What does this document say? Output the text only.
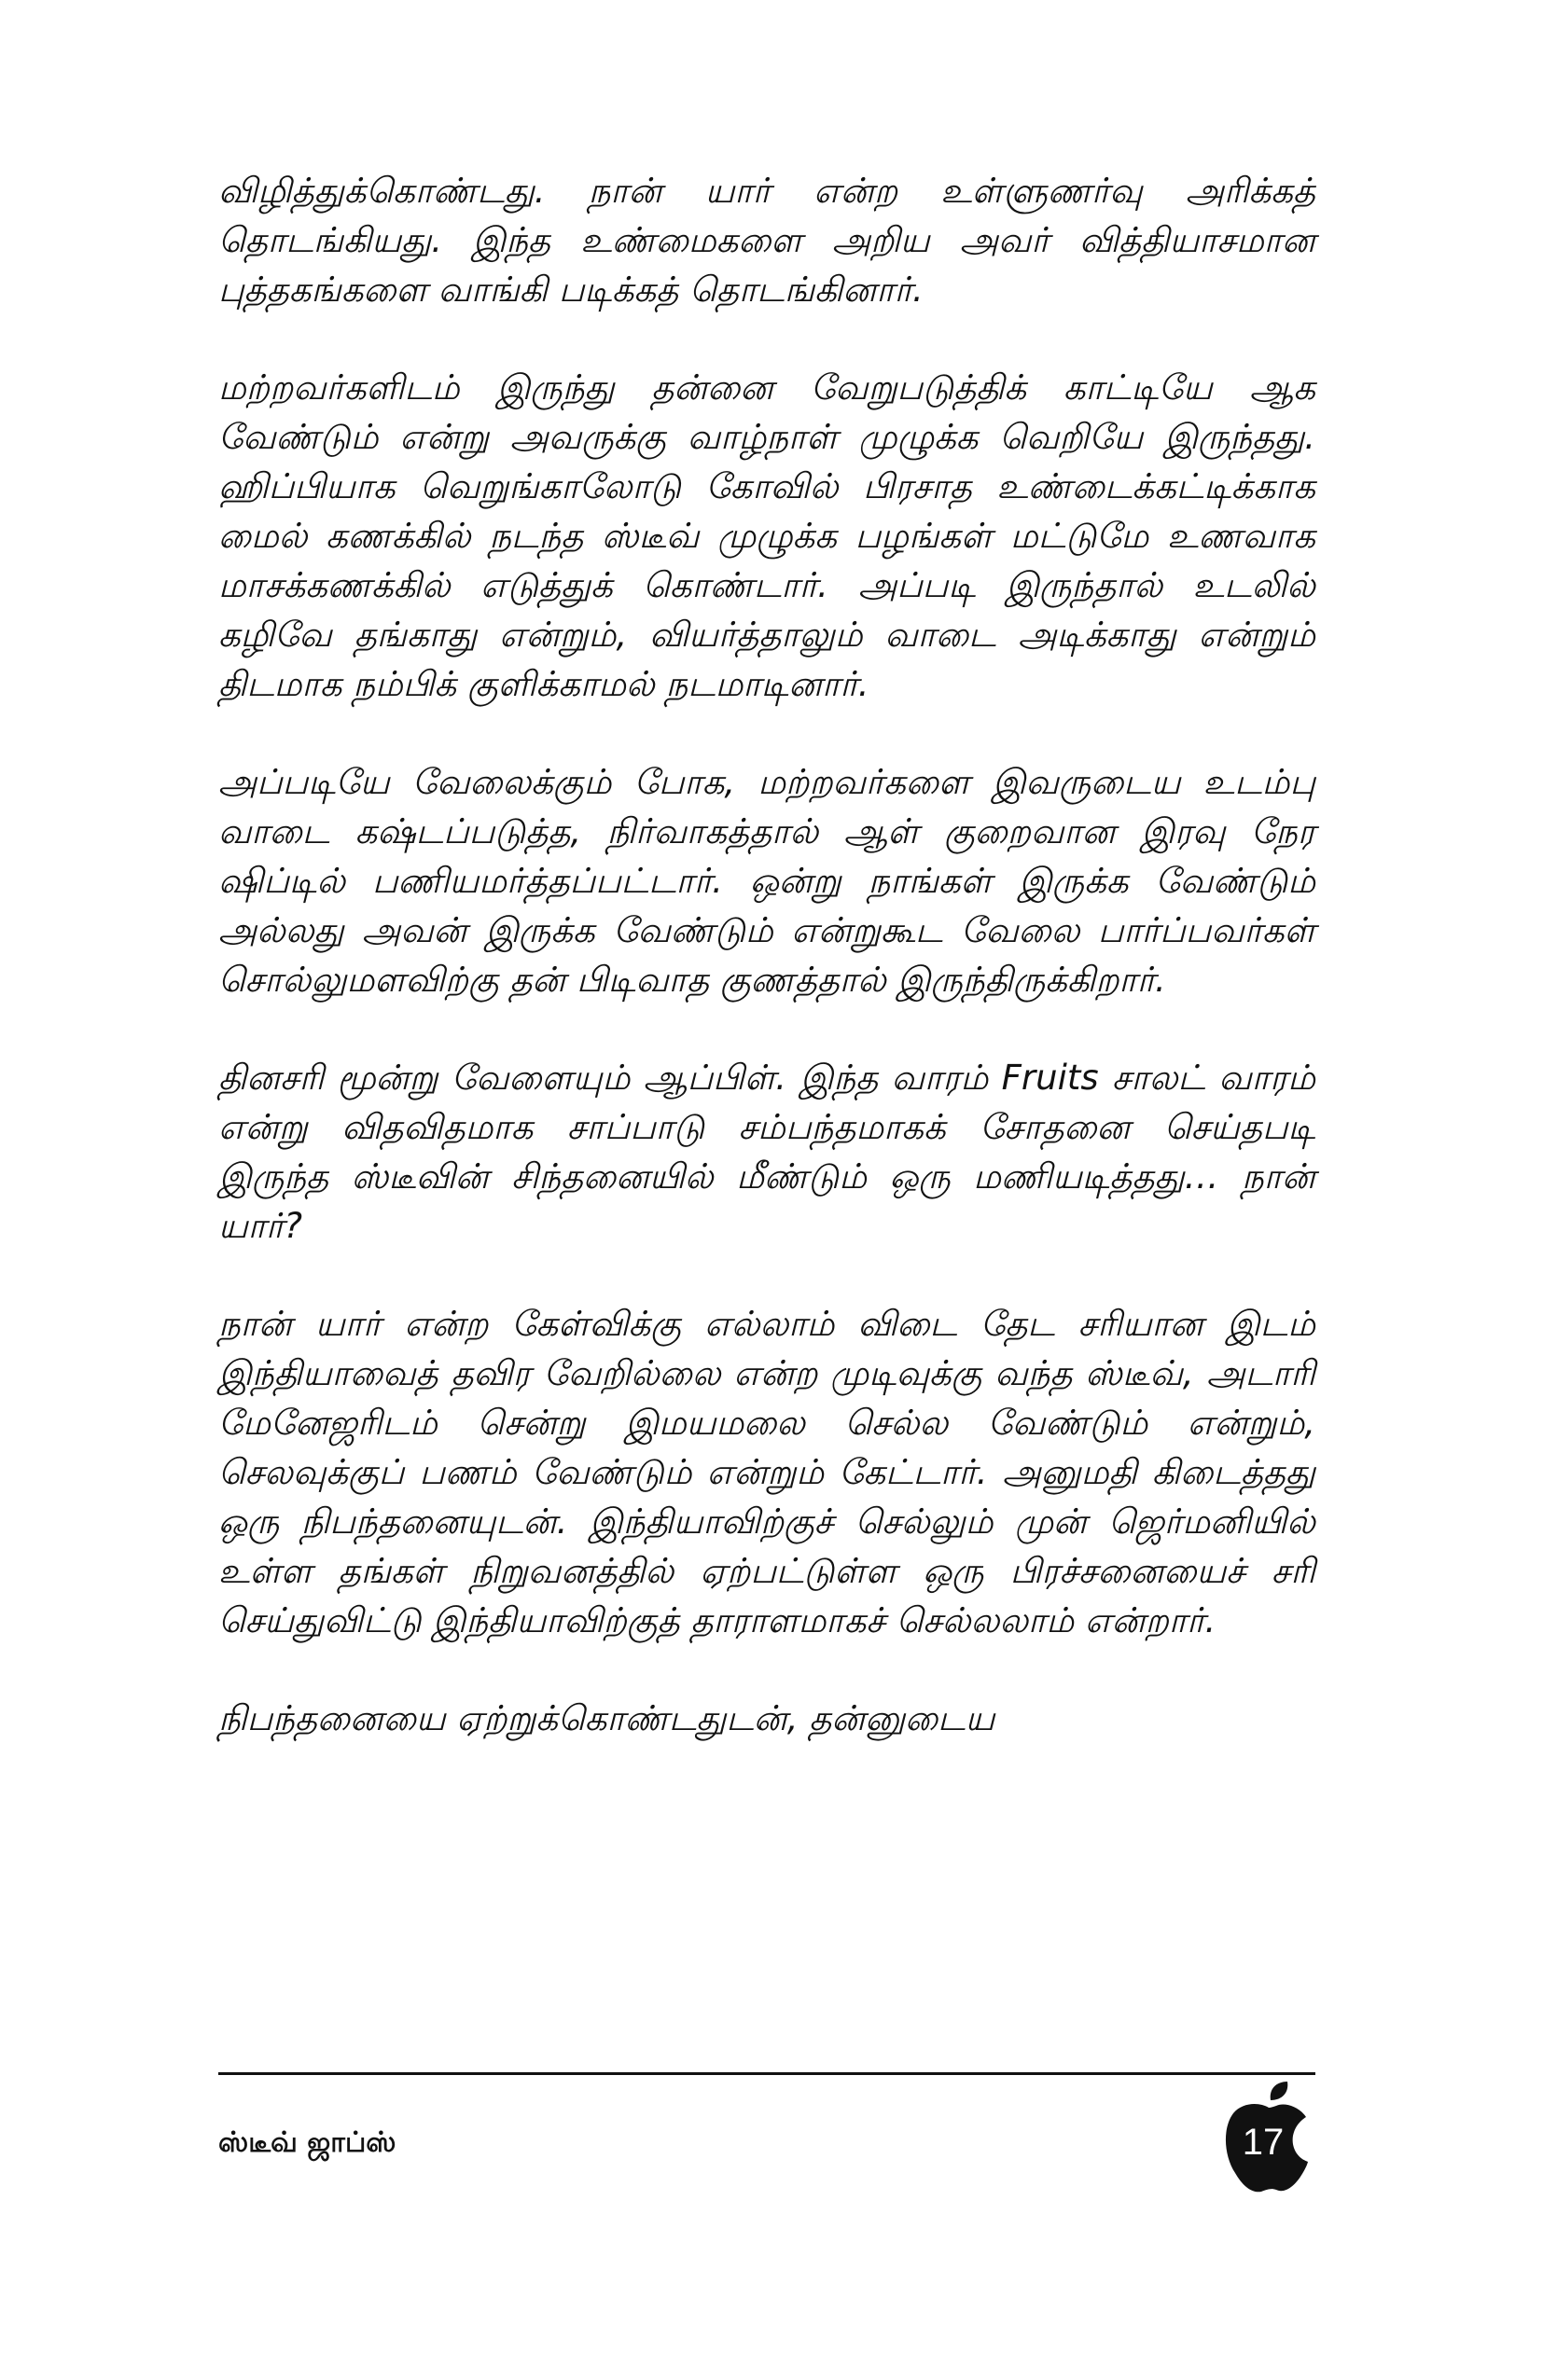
விழித்துக்கொண்டது. நான் யார் என்ற உள்ளுணர்வு அரிக்கத் தொடங்கியது. இந்த உண்மைகளை அறிய அவர் வித்தியாசமான புத்தகங்களை வாங்கி படிக்கத் தொடங்கினார்.

மற்றவர்களிடம் இருந்து தன்னை வேறுபடுத்திக் காட்டியே ஆக வேண்டும் என்று அவருக்கு வாழ்நாள் முழுக்க வெறியே இருந்தது. ஹிப்பியாக வெறுங்காலோடு கோவில் பிரசாத உண்டைக்கட்டிக்காக மைல் கணக்கில் நடந்த ஸ்டீவ் முழுக்க பழங்கள் மட்டுமே உணவாக மாசக்கணக்கில் எடுத்துக் கொண்டார். அப்படி இருந்தால் உடலில் கழிவே தங்காது என்றும், வியர்த்தாலும் வாடை அடிக்காது என்றும் திடமாக நம்பிக் குளிக்காமல் நடமாடினார்.

அப்படியே வேலைக்கும் போக, மற்றவர்களை இவருடைய உடம்பு வாடை கஷ்டப்படுத்த, நிர்வாகத்தால் ஆள் குறைவான இரவு நேர ஷிப்டில் பணியமர்த்தப்பட்டார். ஒன்று நாங்கள் இருக்க வேண்டும் அல்லது அவன் இருக்க வேண்டும் என்றுகூட வேலை பார்ப்பவர்கள் சொல்லுமளவிற்கு தன் பிடிவாத குணத்தால் இருந்திருக்கிறார்.

தினசரி மூன்று வேளையும் ஆப்பிள். இந்த வாரம் Fruits சாலட் வாரம் என்று விதவிதமாக சாப்பாடு சம்பந்தமாகக் சோதனை செய்தபடி இருந்த ஸ்டீவின் சிந்தனையில் மீண்டும் ஒரு மணியடித்தது… நான் யார்?

நான் யார் என்ற கேள்விக்கு எல்லாம் விடை தேட சரியான இடம் இந்தியாவைத் தவிர வேறில்லை என்ற முடிவுக்கு வந்த ஸ்டீவ், அடாரி மேனேஜரிடம் சென்று இமயமலை செல்ல வேண்டும் என்றும், செலவுக்குப் பணம் வேண்டும் என்றும் கேட்டார். அனுமதி கிடைத்தது ஒரு நிபந்தனையுடன். இந்தியாவிற்குச் செல்லும் முன் ஜெர்மனியில் உள்ள தங்கள் நிறுவனத்தில் ஏற்பட்டுள்ள ஒரு பிரச்சனையைச் சரி செய்துவிட்டு இந்தியாவிற்குத் தாராளமாகச் செல்லலாம் என்றார்.

நிபந்தனையை ஏற்றுக்கொண்டதுடன், தன்னுடைய

ஸ்டீவ் ஜாப்ஸ்	17
